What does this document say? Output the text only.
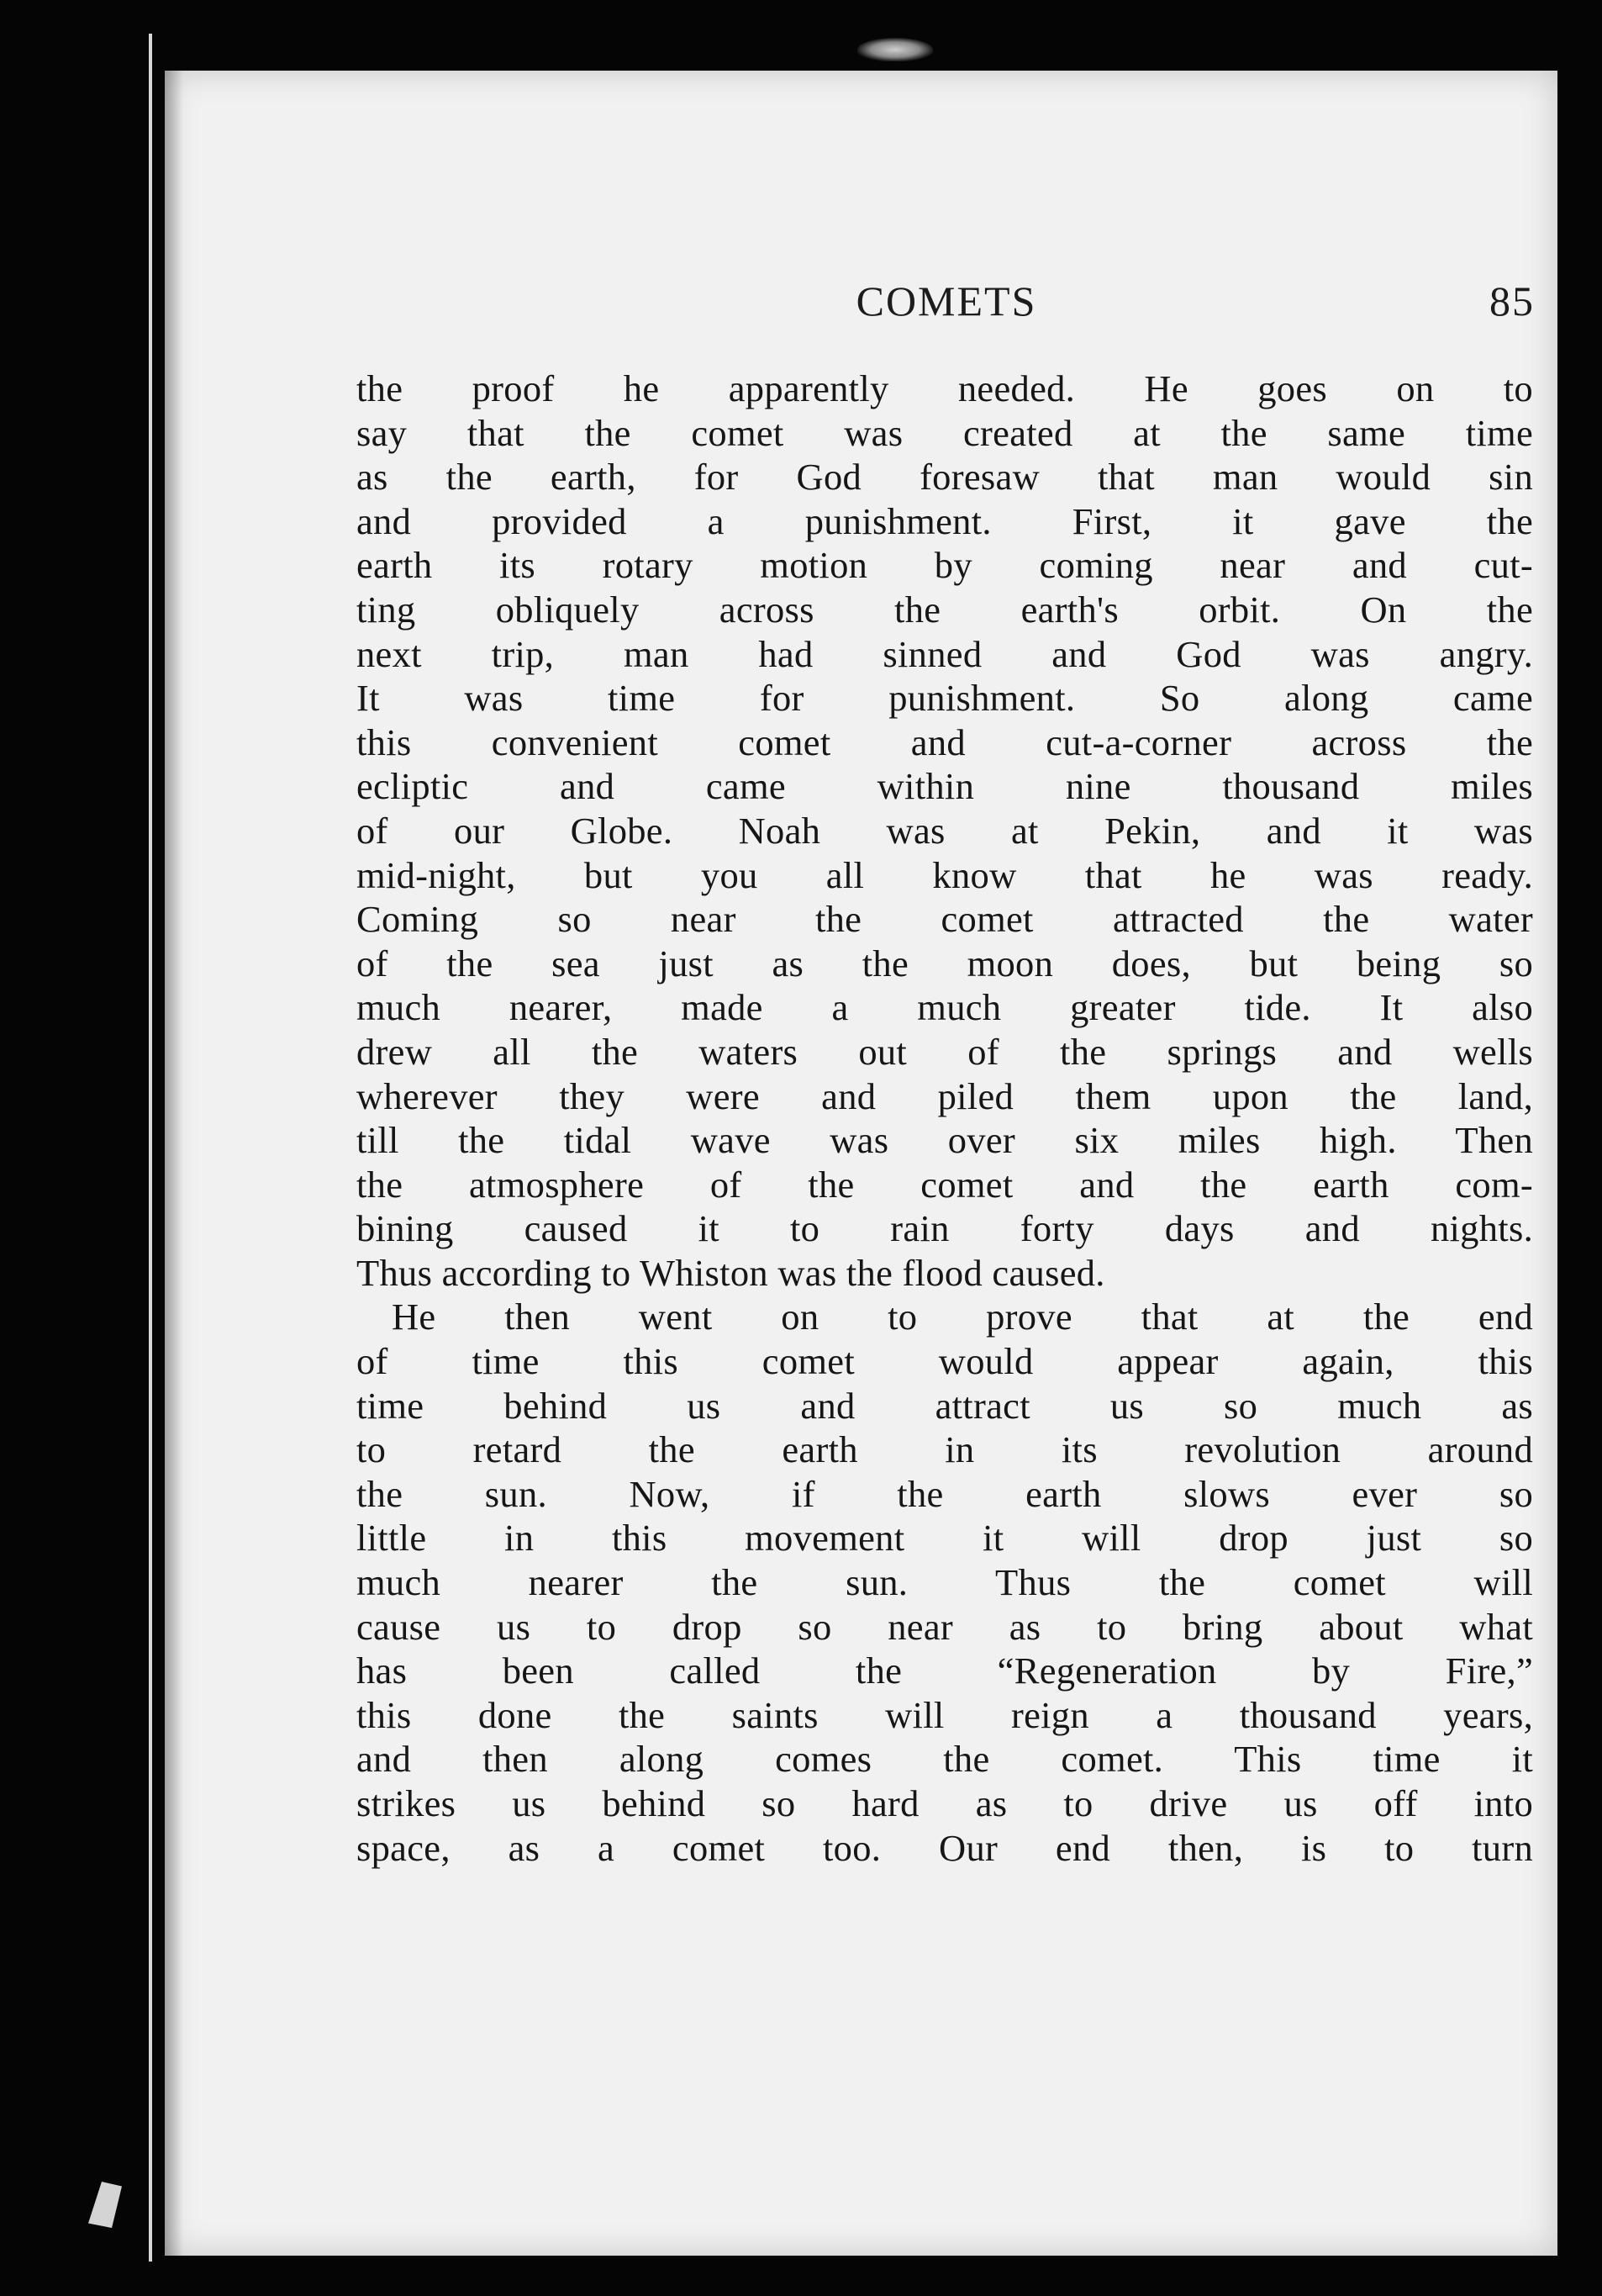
COMETS	85
the proof he apparently needed. He goes on to
say that the comet was created at the same time
as the earth, for God foresaw that man would sin
and provided a punishment. First, it gave the
earth its rotary motion by coming near and cut-
ting obliquely across the earth's orbit. On the
next trip, man had sinned and God was angry.
It was time for punishment. So along came
this convenient comet and cut-a-corner across the
ecliptic and came within nine thousand miles
of our Globe. Noah was at Pekin, and it was
mid-night, but you all know that he was ready.
Coming so near the comet attracted the water
of the sea just as the moon does, but being so
much nearer, made a much greater tide. It also
drew all the waters out of the springs and wells
wherever they were and piled them upon the land,
till the tidal wave was over six miles high. Then
the atmosphere of the comet and the earth com-
bining caused it to rain forty days and nights.
Thus according to Whiston was the flood caused.
He then went on to prove that at the end
of time this comet would appear again, this
time behind us and attract us so much as
to retard the earth in its revolution around
the sun. Now, if the earth slows ever so
little in this movement it will drop just so
much nearer the sun. Thus the comet will
cause us to drop so near as to bring about what
has been called the “Regeneration by Fire,”
this done the saints will reign a thousand years,
and then along comes the comet. This time it
strikes us behind so hard as to drive us off into
space, as a comet too. Our end then, is to turn
